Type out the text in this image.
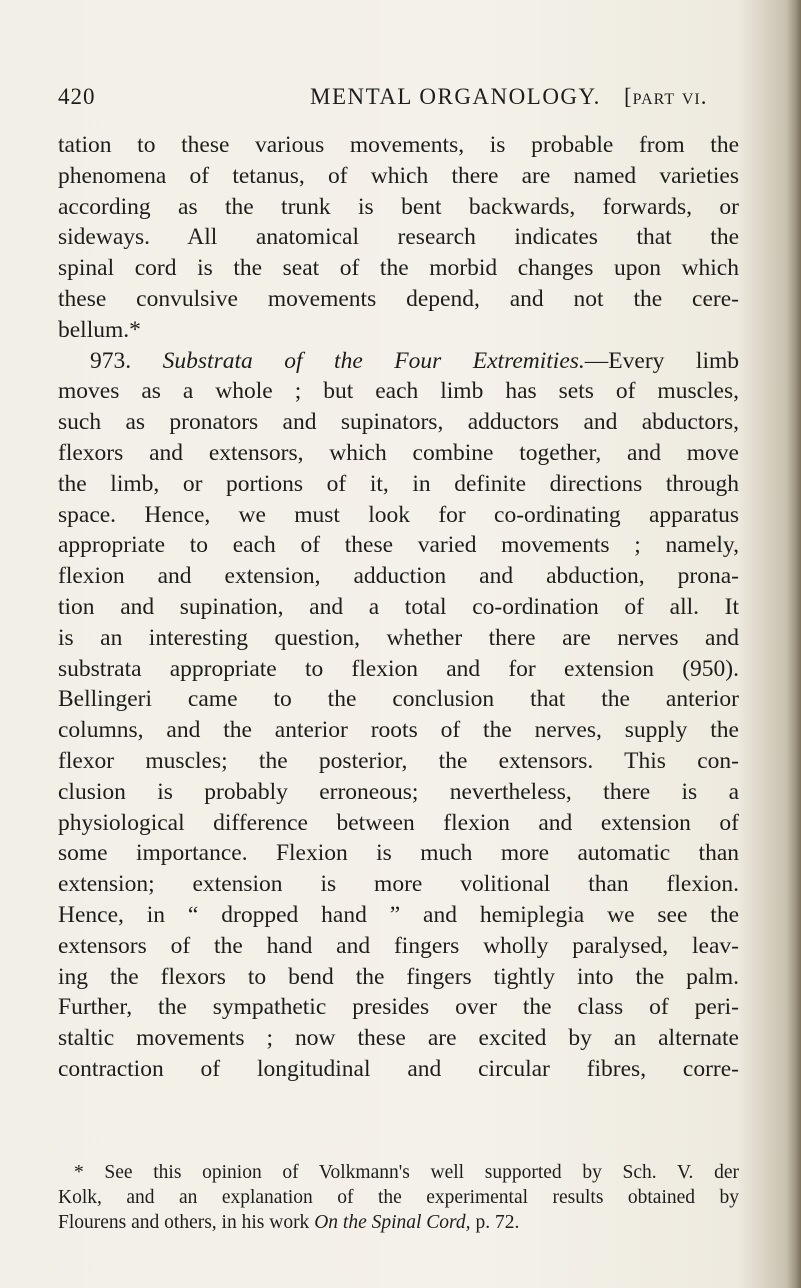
420	MENTAL ORGANOLOGY. [part vi.
tation to these various movements, is probable from the
phenomena of tetanus, of which there are named varieties
according as the trunk is bent backwards, forwards, or
sideways. All anatomical research indicates that the
spinal cord is the seat of the morbid changes upon which
these convulsive movements depend, and not the cere-
bellum.*
973. Substrata of the Four Extremities.—Every limb
moves as a whole ; but each limb has sets of muscles,
such as pronators and supinators, adductors and abductors,
flexors and extensors, which combine together, and move
the limb, or portions of it, in definite directions through
space. Hence, we must look for co-ordinating apparatus
appropriate to each of these varied movements ; namely,
flexion and extension, adduction and abduction, prona-
tion and supination, and a total co-ordination of all. It
is an interesting question, whether there are nerves and
substrata appropriate to flexion and for extension (950).
Bellingeri came to the conclusion that the anterior
columns, and the anterior roots of the nerves, supply the
flexor muscles; the posterior, the extensors. This con-
clusion is probably erroneous; nevertheless, there is a
physiological difference between flexion and extension of
some importance. Flexion is much more automatic than
extension; extension is more volitional than flexion.
Hence, in “ dropped hand ” and hemiplegia we see the
extensors of the hand and fingers wholly paralysed, leav-
ing the flexors to bend the fingers tightly into the palm.
Further, the sympathetic presides over the class of peri-
staltic movements ; now these are excited by an alternate
contraction of longitudinal and circular fibres, corre-
* See this opinion of Volkmann's well supported by Sch. V. der
Kolk, and an explanation of the experimental results obtained by
Flourens and others, in his work On the Spinal Cord, p. 72.
